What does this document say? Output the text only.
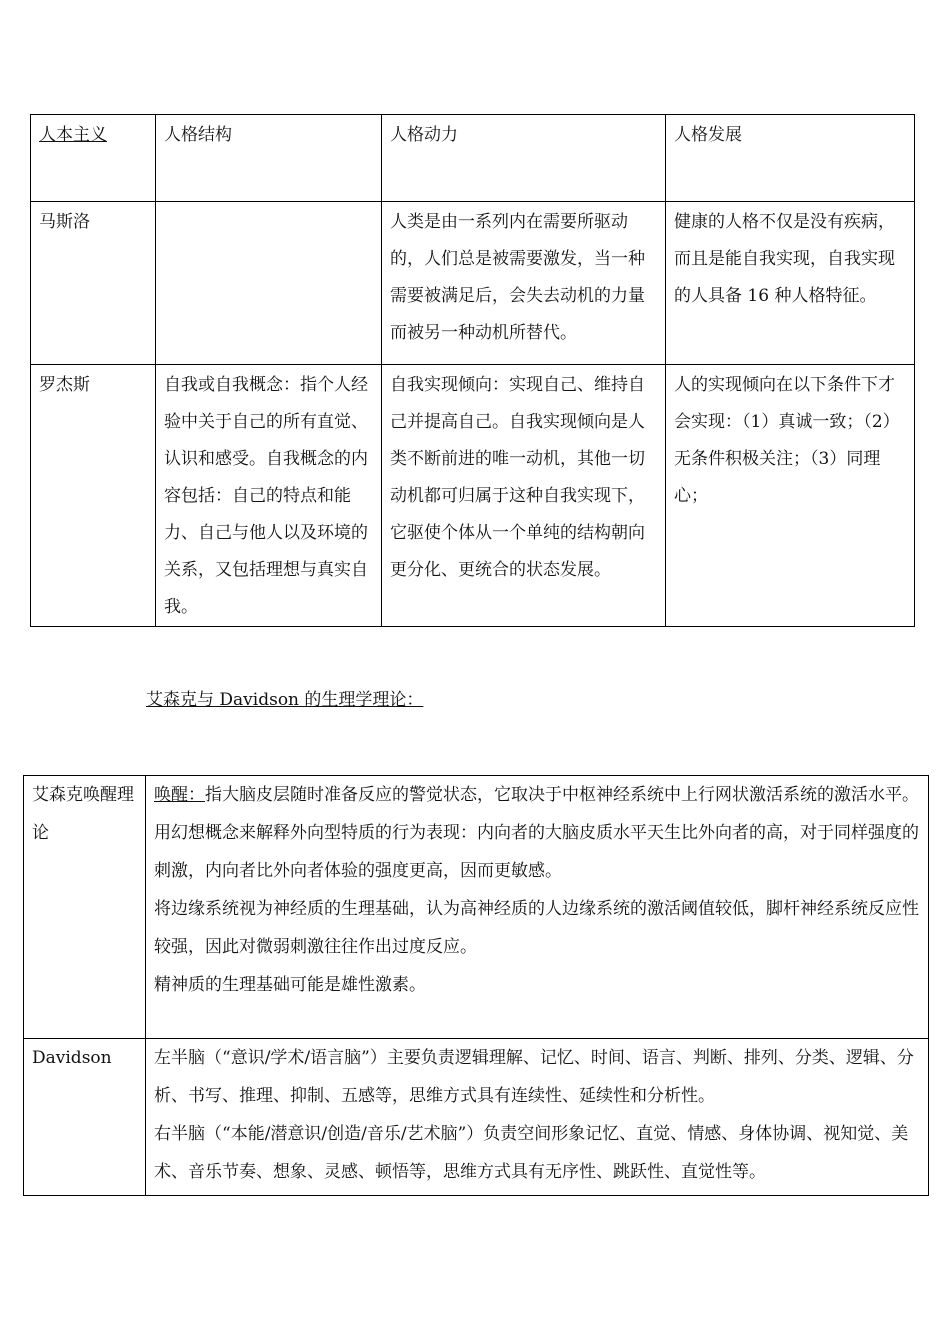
人本主义	人格结构	人格动力	人格发展
马斯洛		人类是由一系列内在需要所驱动的，人们总是被需要激发，当一种需要被满足后，会失去动机的力量而被另一种动机所替代。	健康的人格不仅是没有疾病，而且是能自我实现，自我实现的人具备 16 种人格特征。
罗杰斯	自我或自我概念：指个人经验中关于自己的所有直觉、认识和感受。自我概念的内容包括：自己的特点和能力、自己与他人以及环境的关系，又包括理想与真实自我。	自我实现倾向：实现自己、维持自己并提高自己。自我实现倾向是人类不断前进的唯一动机，其他一切动机都可归属于这种自我实现下，它驱使个体从一个单纯的结构朝向更分化、更统合的状态发展。	人的实现倾向在以下条件下才会实现：（1）真诚一致；（2）无条件积极关注；（3）同理心；
艾森克与 Davidson 的生理学理论：
艾森克唤醒理论	唤醒：指大脑皮层随时准备反应的警觉状态，它取决于中枢神经系统中上行网状激活系统的激活水平。
用幻想概念来解释外向型特质的行为表现：内向者的大脑皮质水平天生比外向者的高，对于同样强度的刺激，内向者比外向者体验的强度更高，因而更敏感。
将边缘系统视为神经质的生理基础，认为高神经质的人边缘系统的激活阈值较低，脚杆神经系统反应性较强，因此对微弱刺激往往作出过度反应。
精神质的生理基础可能是雄性激素。

Davidson	左半脑（“意识/学术/语言脑”）主要负责逻辑理解、记忆、时间、语言、判断、排列、分类、逻辑、分析、书写、推理、抑制、五感等，思维方式具有连续性、延续性和分析性。
右半脑（“本能/潜意识/创造/音乐/艺术脑”）负责空间形象记忆、直觉、情感、身体协调、视知觉、美术、音乐节奏、想象、灵感、顿悟等，思维方式具有无序性、跳跃性、直觉性等。
